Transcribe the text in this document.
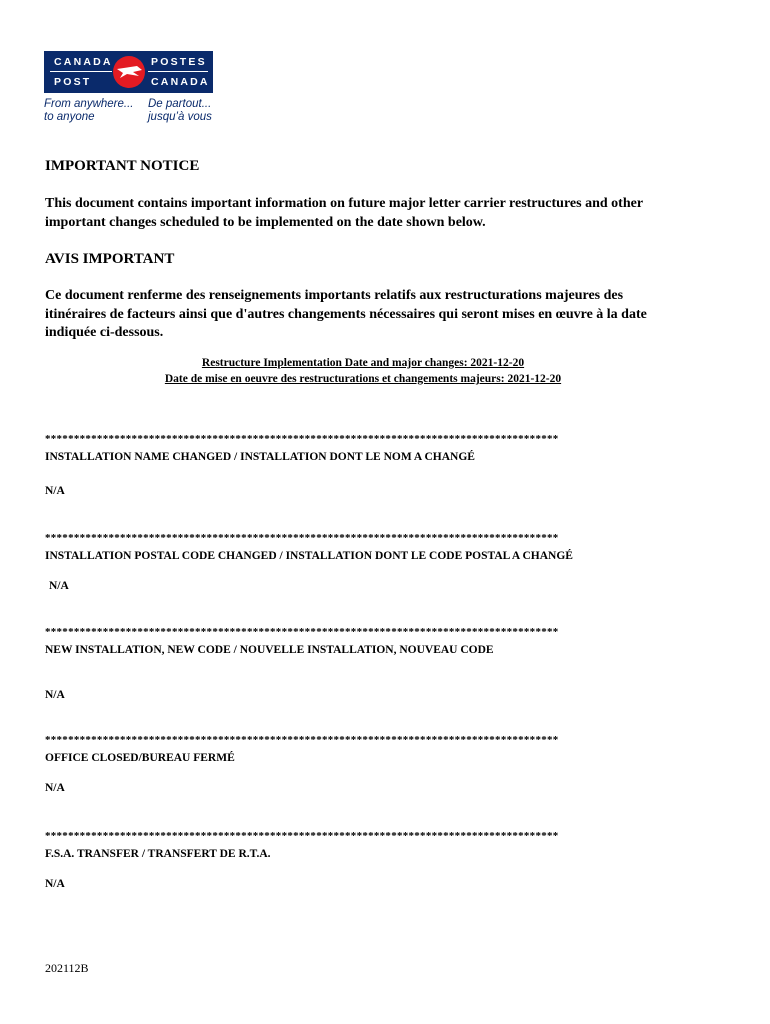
CANADA
POST
POSTES
CANADA
From anywhere...
to anyone
De partout...
jusqu’à vous
IMPORTANT NOTICE
This document contains important information on future major letter carrier restructures and other important changes scheduled to be implemented on the date shown below.
AVIS IMPORTANT
Ce document renferme des renseignements importants relatifs aux restructurations majeures des itinéraires de facteurs ainsi que d'autres changements nécessaires qui seront mises en œuvre à la date indiquée ci-dessous.
Restructure Implementation Date and major changes: 2021-12-20
Date de mise en oeuvre des restructurations et changements majeurs: 2021-12-20
*****************************************************************************************
INSTALLATION NAME CHANGED / INSTALLATION DONT LE NOM A CHANGÉ
N/A
*****************************************************************************************
INSTALLATION POSTAL CODE CHANGED / INSTALLATION DONT LE CODE POSTAL A CHANGÉ
N/A
*****************************************************************************************
NEW INSTALLATION, NEW CODE / NOUVELLE INSTALLATION, NOUVEAU CODE
N/A
*****************************************************************************************
OFFICE CLOSED/BUREAU FERMÉ
N/A
*****************************************************************************************
F.S.A. TRANSFER / TRANSFERT DE R.T.A.
N/A
202112B
